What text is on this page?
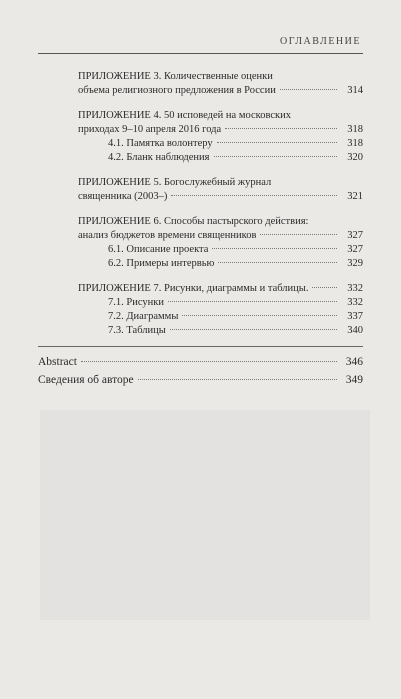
ОГЛАВЛЕНИЕ
ПРИЛОЖЕНИЕ 3. Количественные оценки
объема религиозного предложения в России	314
ПРИЛОЖЕНИЕ 4. 50 исповедей на московских
приходах 9–10 апреля 2016 года	318
4.1. Памятка волонтеру	318
4.2. Бланк наблюдения	320
ПРИЛОЖЕНИЕ 5. Богослужебный журнал
священника (2003–)	321
ПРИЛОЖЕНИЕ 6. Способы пастырского действия:
анализ бюджетов времени священников	327
6.1. Описание проекта	327
6.2. Примеры интервью	329
ПРИЛОЖЕНИЕ 7. Рисунки, диаграммы и таблицы.	332
7.1. Рисунки	332
7.2. Диаграммы	337
7.3. Таблицы	340
Abstract	346
Сведения об авторе	349
